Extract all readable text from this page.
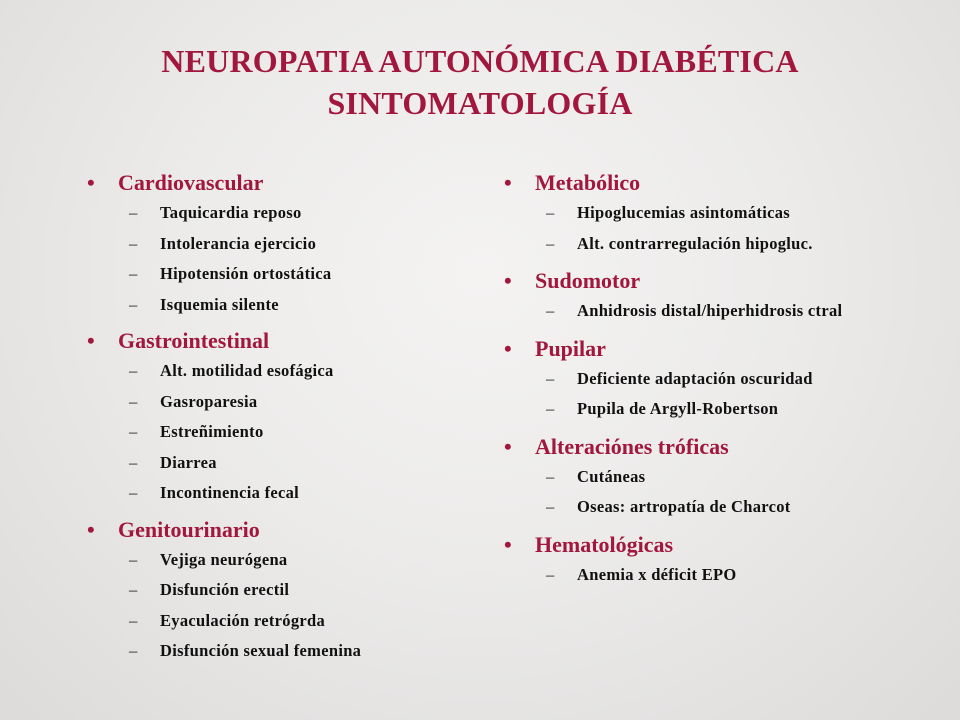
NEUROPATIA AUTONÓMICA DIABÉTICA
SINTOMATOLOGÍA
• Cardiovascular
– Taquicardia reposo
– Intolerancia ejercicio
– Hipotensión ortostática
– Isquemia silente
• Gastrointestinal
– Alt. motilidad esofágica
– Gasroparesia
– Estreñimiento
– Diarrea
– Incontinencia fecal
• Genitourinario
– Vejiga neurógena
– Disfunción erectil
– Eyaculación retrógrda
– Disfunción sexual femenina
• Metabólico
– Hipoglucemias asintomáticas
– Alt. contrarregulación hipogluc.
• Sudomotor
– Anhidrosis distal/hiperhidrosis ctral
• Pupilar
– Deficiente adaptación oscuridad
– Pupila de Argyll-Robertson
• Alteraciónes tróficas
– Cutáneas
– Oseas: artropatía de Charcot
• Hematológicas
– Anemia x déficit EPO
